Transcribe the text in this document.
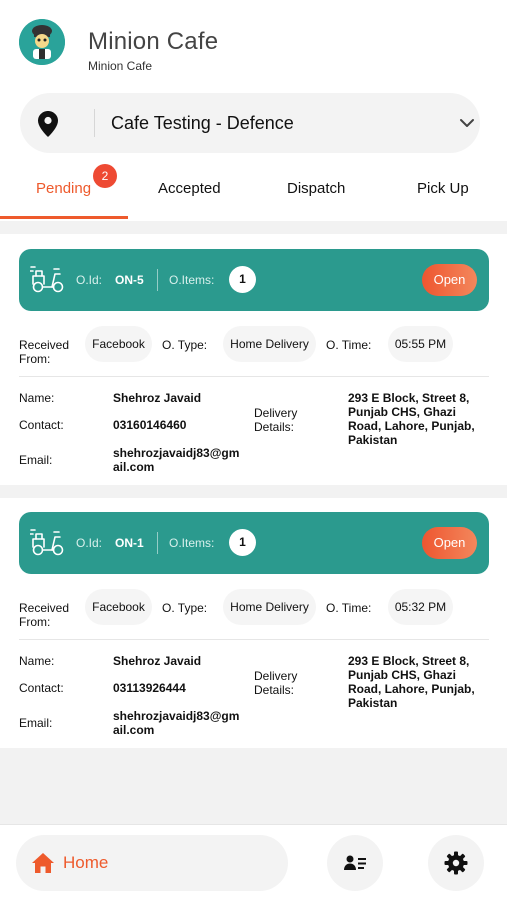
Minion Cafe
Minion Cafe
Cafe Testing - Defence
Pending
2
Accepted	Dispatch	Pick Up
O.Id: ON-5 O.Items:	1	Open
Received From:
Facebook	O. Type:	Home Delivery	O. Time:	05:55 PM
Name:	Shehroz Javaid
Contact:	03160146460
Email:	shehrozjavaidj83@gmail.com
Delivery Details:
293 E Block, Street 8, Punjab CHS, Ghazi Road, Lahore, Punjab, Pakistan
O.Id: ON-1 O.Items:	1	Open
Received From:
Facebook	O. Type:	Home Delivery	O. Time:	05:32 PM
Name:	Shehroz Javaid
Contact:	03113926444
Email:	shehrozjavaidj83@gmail.com
Delivery Details:
293 E Block, Street 8, Punjab CHS, Ghazi Road, Lahore, Punjab, Pakistan
Home
